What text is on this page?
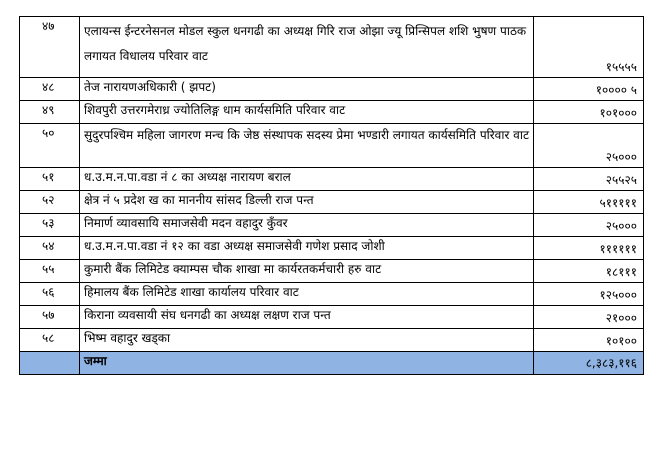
४७	एलायन्स ईन्टरनेसनल मोडल स्कुल धनगढी का अध्यक्ष गिरि राज ओझा ज्यू प्रिन्सिपल शशि भुषण पाठक लगायत विधालय परिवार वाट	१५५५५
४८	तेज नारायणअधिकारी ( झपट)	१०००० ५
४९	शिवपुरी उत्तरगमेराध्र ज्योतिलिङ्ग धाम कार्यसमिति परिवार वाट	१०१०००
५०	सुदुरपश्चिम महिला जागरण मन्च कि जेष्ठ संस्थापक सदस्य प्रेमा भण्डारी लगायत कार्यसमिति परिवार वाट	२५०००
५१	ध.उ.म.न.पा.वडा नं ८ का अध्यक्ष नारायण बराल	२५५२५
५२	क्षेत्र नं ५ प्रदेश ख का माननीय सांसद डिल्ली राज पन्त	५१११११
५३	निमार्ण व्यावसायि समाजसेवी मदन वहादुर कुँवर	२५०००
५४	ध.उ.म.न.पा.वडा नं १२ का वडा अध्यक्ष समाजसेवी गणेश प्रसाद जोशी	११११११
५५	कुमारी बैंक लिमिटेड क्याम्पस चौक शाखा मा कार्यरतकर्मचारी हरु वाट	१८१११
५६	हिमालय बैंक लिमिटेड शाखा कार्यालय परिवार वाट	१२५०००
५७	किराना व्यवसायी संघ धनगढी का अध्यक्ष लक्षण राज पन्त	२१०००
५८	भिष्म वहादुर खड्का	१०१००
	जम्मा	८,३८३,११६
